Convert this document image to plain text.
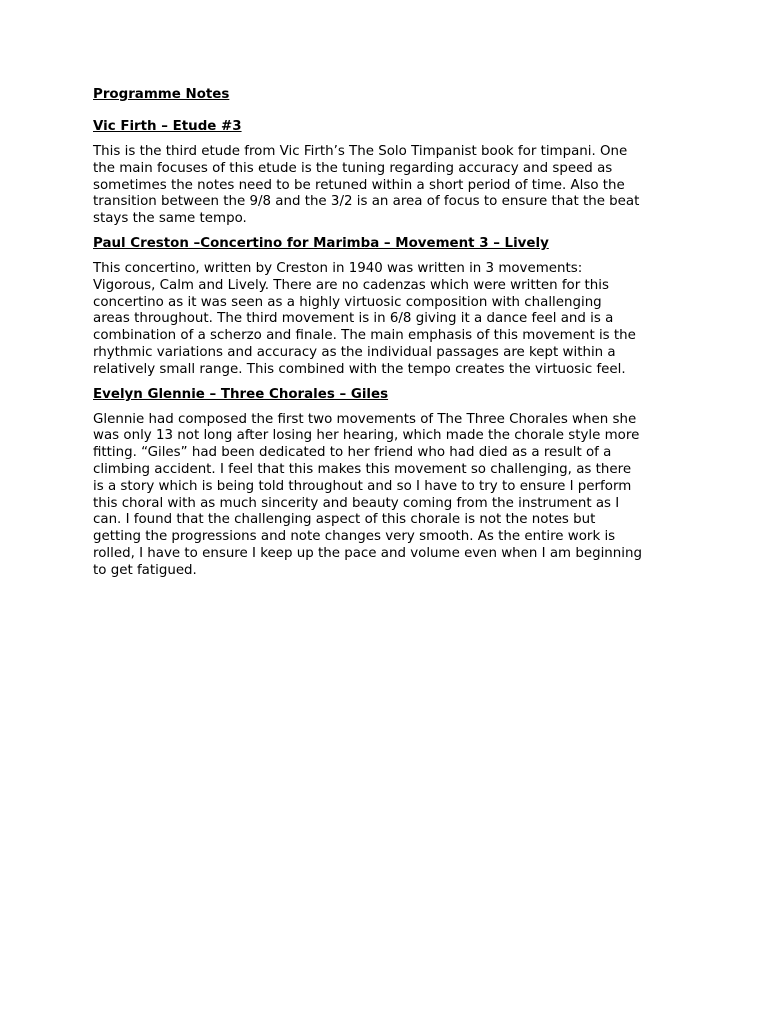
Programme Notes
Vic Firth – Etude #3
This is the third etude from Vic Firth’s The Solo Timpanist book for timpani. One
the main focuses of this etude is the tuning regarding accuracy and speed as
sometimes the notes need to be retuned within a short period of time. Also the
transition between the 9/8 and the 3/2 is an area of focus to ensure that the beat
stays the same tempo.
Paul Creston –Concertino for Marimba – Movement 3 – Lively
This concertino, written by Creston in 1940 was written in 3 movements:
Vigorous, Calm and Lively. There are no cadenzas which were written for this
concertino as it was seen as a highly virtuosic composition with challenging
areas throughout. The third movement is in 6/8 giving it a dance feel and is a
combination of a scherzo and finale. The main emphasis of this movement is the
rhythmic variations and accuracy as the individual passages are kept within a
relatively small range. This combined with the tempo creates the virtuosic feel.
Evelyn Glennie – Three Chorales – Giles
Glennie had composed the first two movements of The Three Chorales when she
was only 13 not long after losing her hearing, which made the chorale style more
fitting. “Giles” had been dedicated to her friend who had died as a result of a
climbing accident. I feel that this makes this movement so challenging, as there
is a story which is being told throughout and so I have to try to ensure I perform
this choral with as much sincerity and beauty coming from the instrument as I
can. I found that the challenging aspect of this chorale is not the notes but
getting the progressions and note changes very smooth. As the entire work is
rolled, I have to ensure I keep up the pace and volume even when I am beginning
to get fatigued.
